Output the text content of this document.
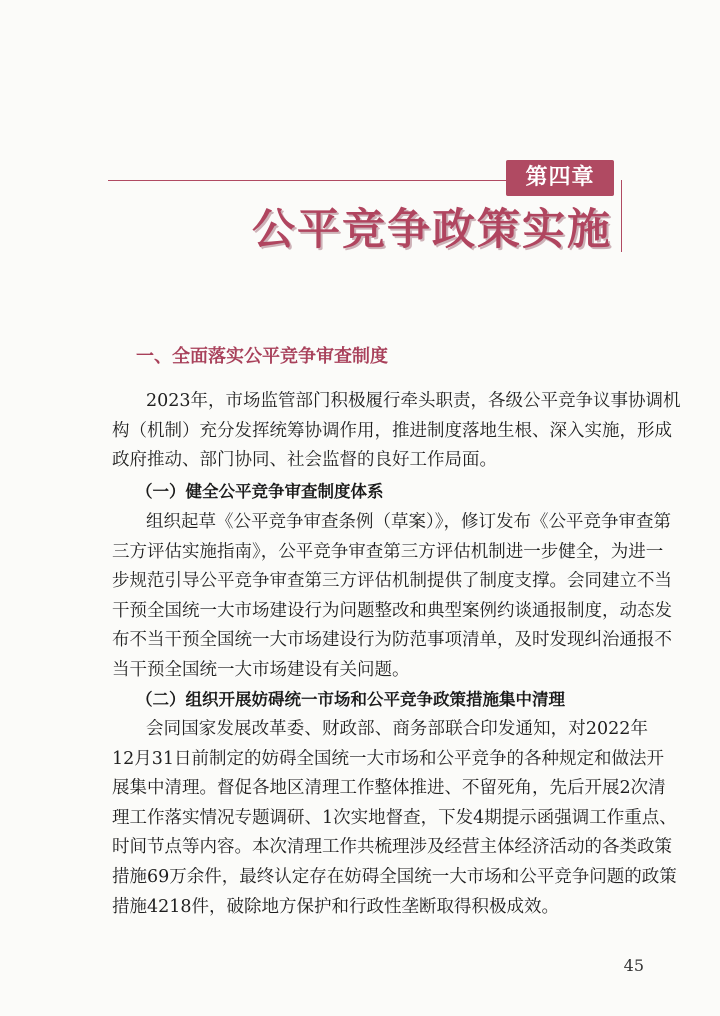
第四章
公平竞争政策实施
一、全面落实公平竞争审查制度
2023年，市场监管部门积极履行牵头职责，各级公平竞争议事协调机
构（机制）充分发挥统筹协调作用，推进制度落地生根、深入实施，形成
政府推动、部门协同、社会监督的良好工作局面。
（一）健全公平竞争审查制度体系
组织起草《公平竞争审查条例（草案）》，修订发布《公平竞争审查第
三方评估实施指南》，公平竞争审查第三方评估机制进一步健全，为进一
步规范引导公平竞争审查第三方评估机制提供了制度支撑。会同建立不当
干预全国统一大市场建设行为问题整改和典型案例约谈通报制度，动态发
布不当干预全国统一大市场建设行为防范事项清单，及时发现纠治通报不
当干预全国统一大市场建设有关问题。
（二）组织开展妨碍统一市场和公平竞争政策措施集中清理
会同国家发展改革委、财政部、商务部联合印发通知，对2022年
12月31日前制定的妨碍全国统一大市场和公平竞争的各种规定和做法开
展集中清理。督促各地区清理工作整体推进、不留死角，先后开展2次清
理工作落实情况专题调研、1次实地督查，下发4期提示函强调工作重点、
时间节点等内容。本次清理工作共梳理涉及经营主体经济活动的各类政策
措施69万余件，最终认定存在妨碍全国统一大市场和公平竞争问题的政策
措施4218件，破除地方保护和行政性垄断取得积极成效。
45
